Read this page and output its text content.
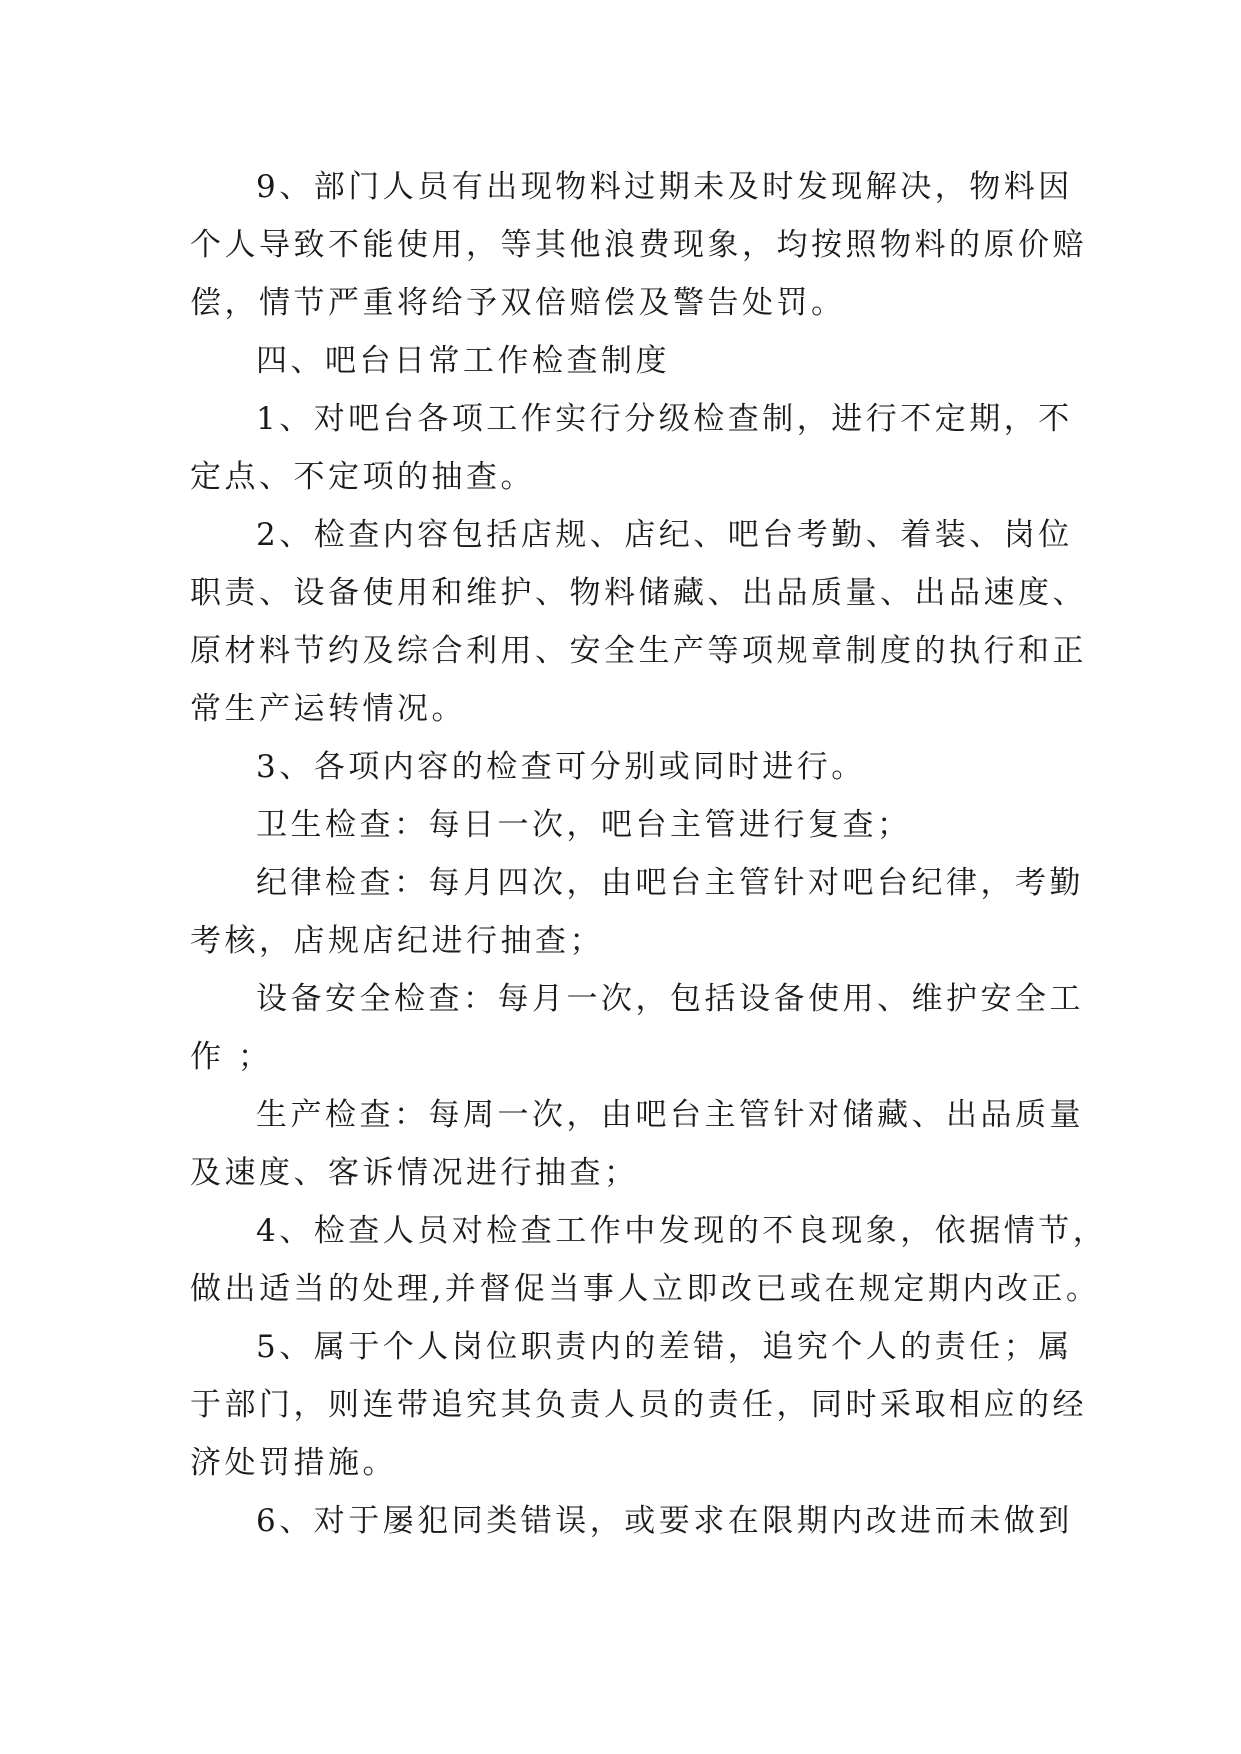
9、部门人员有出现物料过期未及时发现解决，物料因
个人导致不能使用，等其他浪费现象，均按照物料的原价赔
偿，情节严重将给予双倍赔偿及警告处罚。
四、吧台日常工作检查制度
1、对吧台各项工作实行分级检查制，进行不定期，不
定点、不定项的抽查。
2、检查内容包括店规、店纪、吧台考勤、着装、岗位
职责、设备使用和维护、物料储藏、出品质量、出品速度、
原材料节约及综合利用、安全生产等项规章制度的执行和正
常生产运转情况。
3、各项内容的检查可分别或同时进行。
卫生检查：每日一次，吧台主管进行复查；
纪律检查：每月四次，由吧台主管针对吧台纪律，考勤
考核，店规店纪进行抽查；
设备安全检查：每月一次，包括设备使用、维护安全工
作 ；
生产检查：每周一次，由吧台主管针对储藏、出品质量
及速度、客诉情况进行抽查；
4、检查人员对检查工作中发现的不良现象，依据情节，
做出适当的处理,并督促当事人立即改已或在规定期内改正。
5、属于个人岗位职责内的差错，追究个人的责任；属
于部门，则连带追究其负责人员的责任，同时采取相应的经
济处罚措施。
6、对于屡犯同类错误，或要求在限期内改进而未做到
